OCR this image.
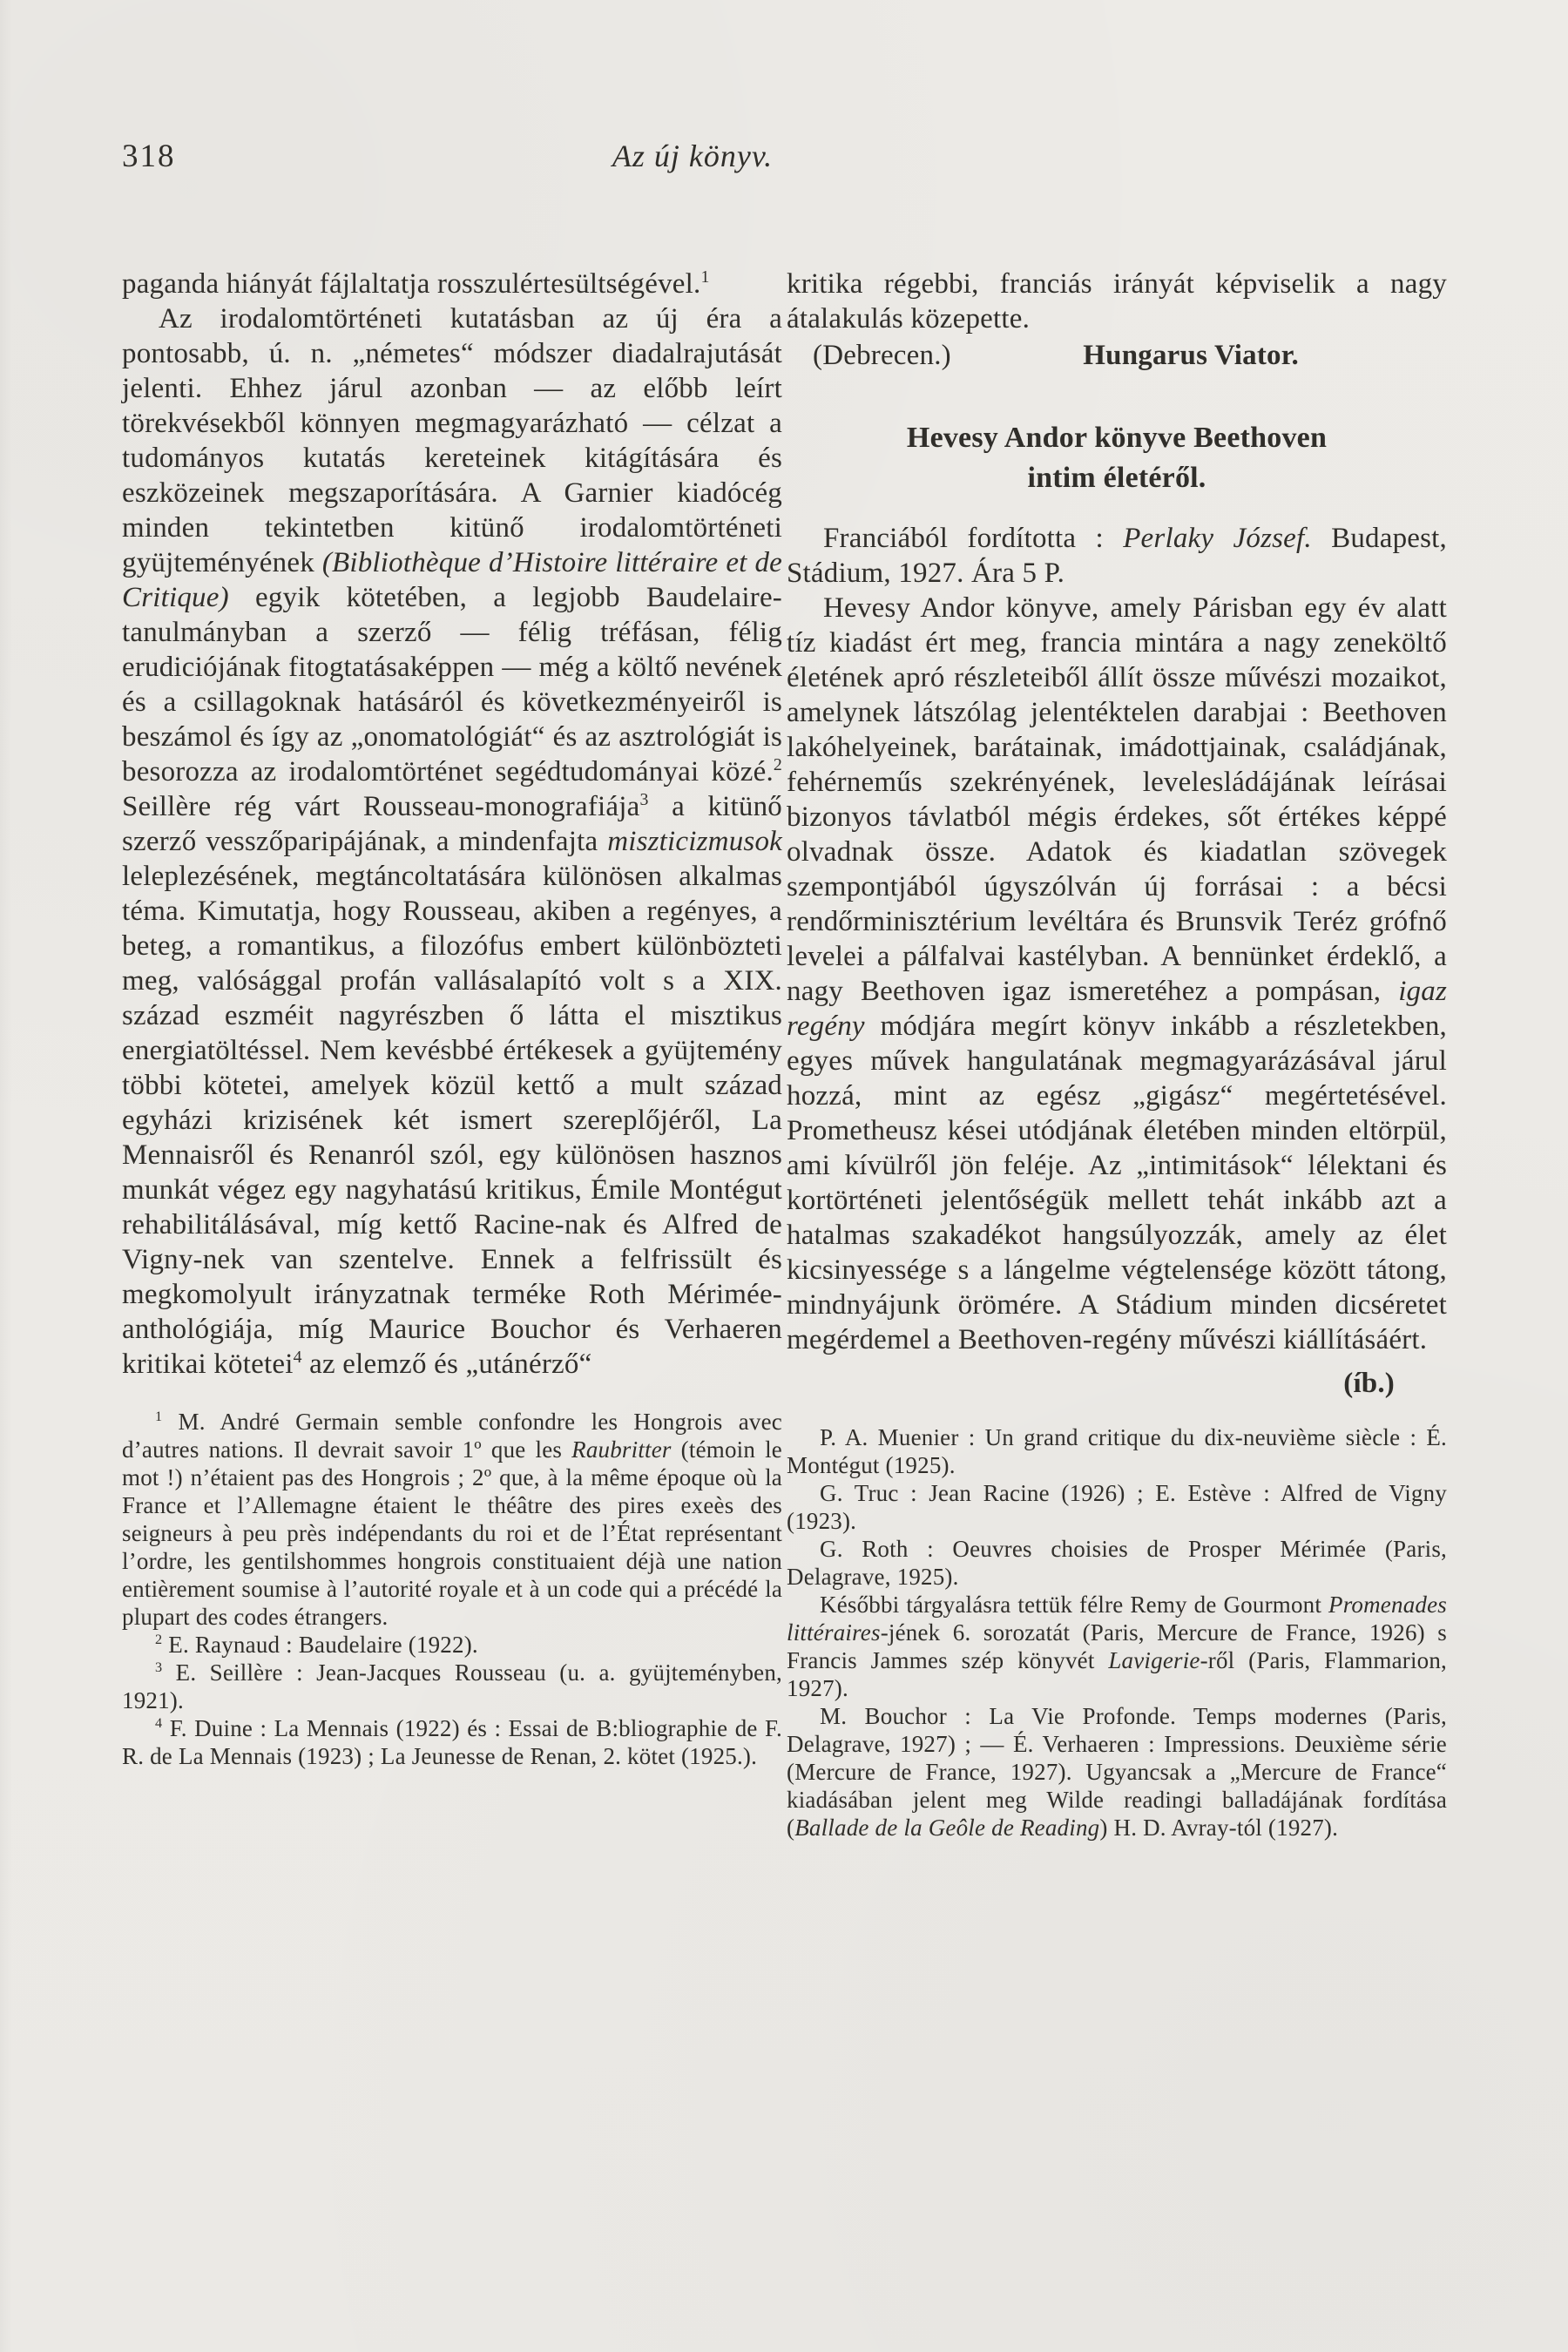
318	Az új könyv.

paganda hiányát fájlaltatja rosszulértesültségével.$^1$

Az irodalomtörténeti kutatásban az új éra a pontosabb, ú. n. „németes“ módszer diadalrajutását jelenti. Ehhez járul azonban — az előbb leírt törekvésekből könnyen megmagyarázható — célzat a tudományos kutatás kereteinek kitágítására és eszközeinek megszaporítására. A Garnier kiadócég minden tekintetben kitünő irodalomtörténeti gyüjteményének (Bibliothèque d’Histoire littéraire et de Critique) egyik kötetében, a legjobb Baudelaire-tanulmányban a szerző — félig tréfásan, félig erudiciójának fitogtatásaképpen — még a költő nevének és a csillagoknak hatásáról és következményeiről is beszámol és így az „onomatológiát“ és az asztrológiát is besorozza az irodalomtörténet segédtudományai közé.$^2$ Seillère rég várt Rousseau-monografiája$^3$ a kitünő szerző vesszőparipájának, a mindenfajta miszticizmusok leleplezésének, megtáncoltatására különösen alkalmas téma. Kimutatja, hogy Rousseau, akiben a regényes, a beteg, a romantikus, a filozófus embert különbözteti meg, valósággal profán vallásalapító volt s a XIX. század eszméit nagyrészben ő látta el misztikus energiatöltéssel. Nem kevésbbé értékesek a gyüjtemény többi kötetei, amelyek közül kettő a mult század egyházi krizisének két ismert szereplőjéről, La Mennaisről és Renanról szól, egy különösen hasznos munkát végez egy nagyhatású kritikus, Émile Montégut rehabilitálásával, míg kettő Racine-nak és Alfred de Vigny-nek van szentelve. Ennek a felfrissült és megkomolyult irányzatnak terméke Roth Mérimée-anthológiája, míg Maurice Bouchor és Verhaeren kritikai kötetei$^4$ az elemző és „utánérző“

$^1$ M. André Germain semble confondre les Hongrois avec d’autres nations. Il devrait savoir 1º que les Raubritter (témoin le mot !) n’étaient pas des Hongrois ; 2º que, à la même époque où la France et l’Allemagne étaient le théâtre des pires exeès des seigneurs à peu près indépendants du roi et de l’État représentant l’ordre, les gentilshommes hongrois constituaient déjà une nation entièrement soumise à l’autorité royale et à un code qui a précédé la plupart des codes étrangers.

$^2$ E. Raynaud : Baudelaire (1922).

$^3$ E. Seillère : Jean-Jacques Rousseau (u. a. gyüjteményben, 1921).

$^4$ F. Duine : La Mennais (1922) és : Essai de B:bliographie de F. R. de La Mennais (1923) ; La Jeunesse de Renan, 2. kötet (1925.).

kritika régebbi, franciás irányát képviselik a nagy átalakulás közepette.

(Debrecen.)	Hungarus Viator.

Hevesy Andor könyve Beethoven
intim életéről.

Franciából fordította : Perlaky József. Budapest, Stádium, 1927. Ára 5 P.

Hevesy Andor könyve, amely Párisban egy év alatt tíz kiadást ért meg, francia mintára a nagy zeneköltő életének apró részleteiből állít össze művészi mozaikot, amelynek látszólag jelentéktelen darabjai : Beethoven lakóhelyeinek, barátainak, imádottjainak, családjának, fehérneműs szekrényének, levelesládájának leírásai bizonyos távlatból mégis érdekes, sőt értékes képpé olvadnak össze. Adatok és kiadatlan szövegek szempontjából úgyszólván új forrásai : a bécsi rendőrminisztérium levéltára és Brunsvik Teréz grófnő levelei a pálfalvai kastélyban. A bennünket érdeklő, a nagy Beethoven igaz ismeretéhez a pompásan, igaz regény módjára megírt könyv inkább a részletekben, egyes művek hangulatának megmagyarázásával járul hozzá, mint az egész „gigász“ megértetésével. Prometheusz kései utódjának életében minden eltörpül, ami kívülről jön feléje. Az „intimitások“ lélektani és kortörténeti jelentőségük mellett tehát inkább azt a hatalmas szakadékot hangsúlyozzák, amely az élet kicsinyessége s a lángelme végtelensége között tátong, mindnyájunk örömére. A Stádium minden dicséretet megérdemel a Beethoven-regény művészi kiállításáért.

(íb.)

P. A. Muenier : Un grand critique du dix-neuvième siècle : É. Montégut (1925).

G. Truc : Jean Racine (1926) ; E. Estève : Alfred de Vigny (1923).

G. Roth : Oeuvres choisies de Prosper Mérimée (Paris, Delagrave, 1925).

Későbbi tárgyalásra tettük félre Remy de Gourmont Promenades littéraires-jének 6. sorozatát (Paris, Mercure de France, 1926) s Francis Jammes szép könyvét Lavigerie-ről (Paris, Flammarion, 1927).

M. Bouchor : La Vie Profonde. Temps modernes (Paris, Delagrave, 1927) ; — É. Verhaeren : Impressions. Deuxième série (Mercure de France, 1927). Ugyancsak a „Mercure de France“ kiadásában jelent meg Wilde readingi balladájának fordítása (Ballade de la Geôle de Reading) H. D. Avray-tól (1927).
